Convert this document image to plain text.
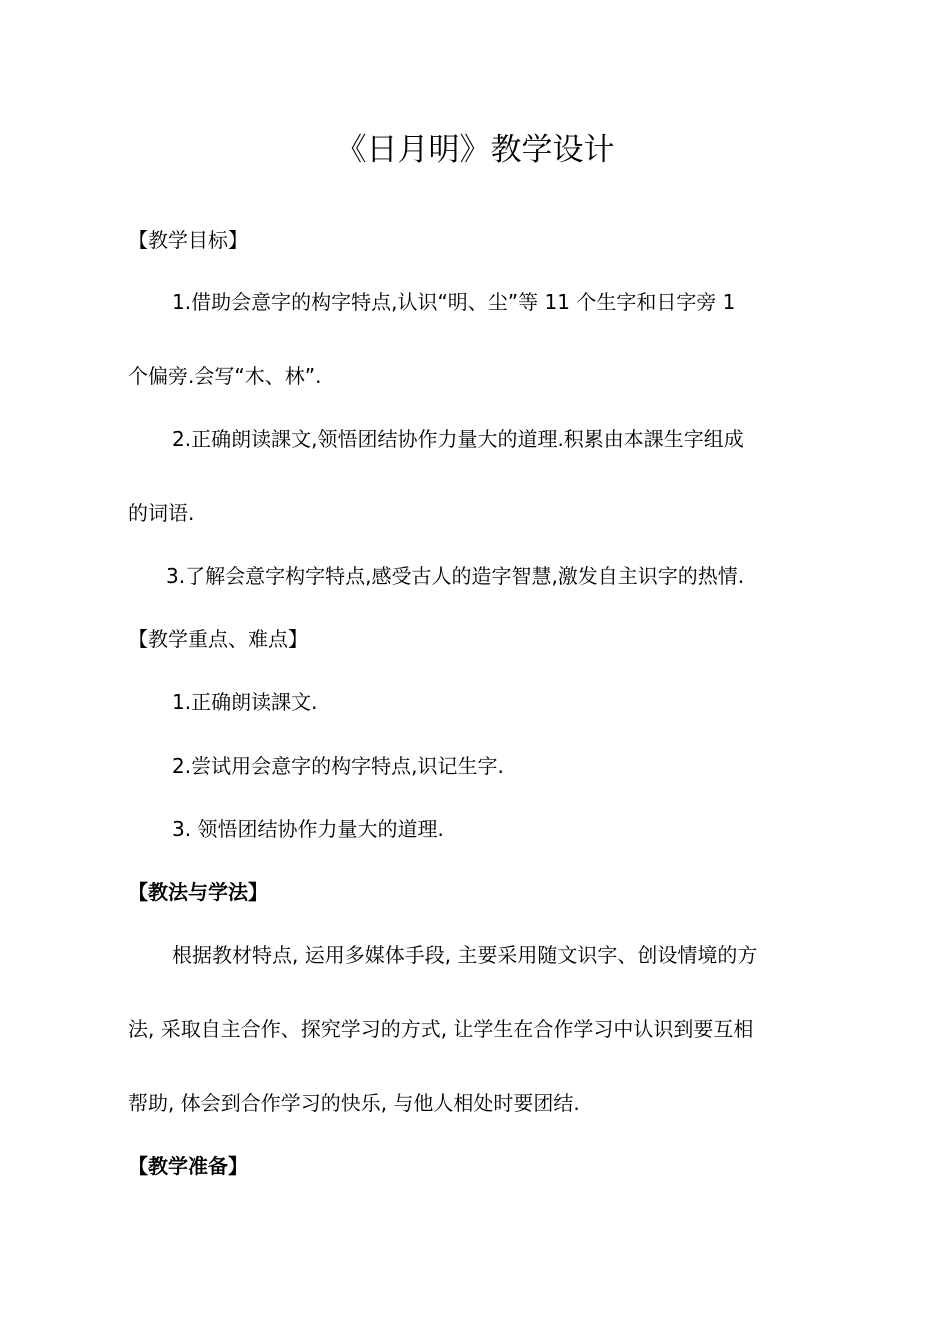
《日月明》教学设计
【教学目标】
1.借助会意字的构字特点,认识“明、尘”等 11 个生字和日字旁 1
个偏旁.会写“木、林”.
2.正确朗读課文,领悟团结协作力量大的道理.积累由本課生字组成
的词语.
3.了解会意字构字特点,感受古人的造字智慧,激发自主识字的热情.
【教学重点、难点】
1.正确朗读課文.
2.尝试用会意字的构字特点,识记生字.
3. 领悟团结协作力量大的道理.
【教法与学法】
根据教材特点, 运用多媒体手段, 主要采用随文识字、创设情境的方
法, 采取自主合作、探究学习的方式, 让学生在合作学习中认识到要互相
帮助, 体会到合作学习的快乐, 与他人相处时要团结.
【教学准备】
